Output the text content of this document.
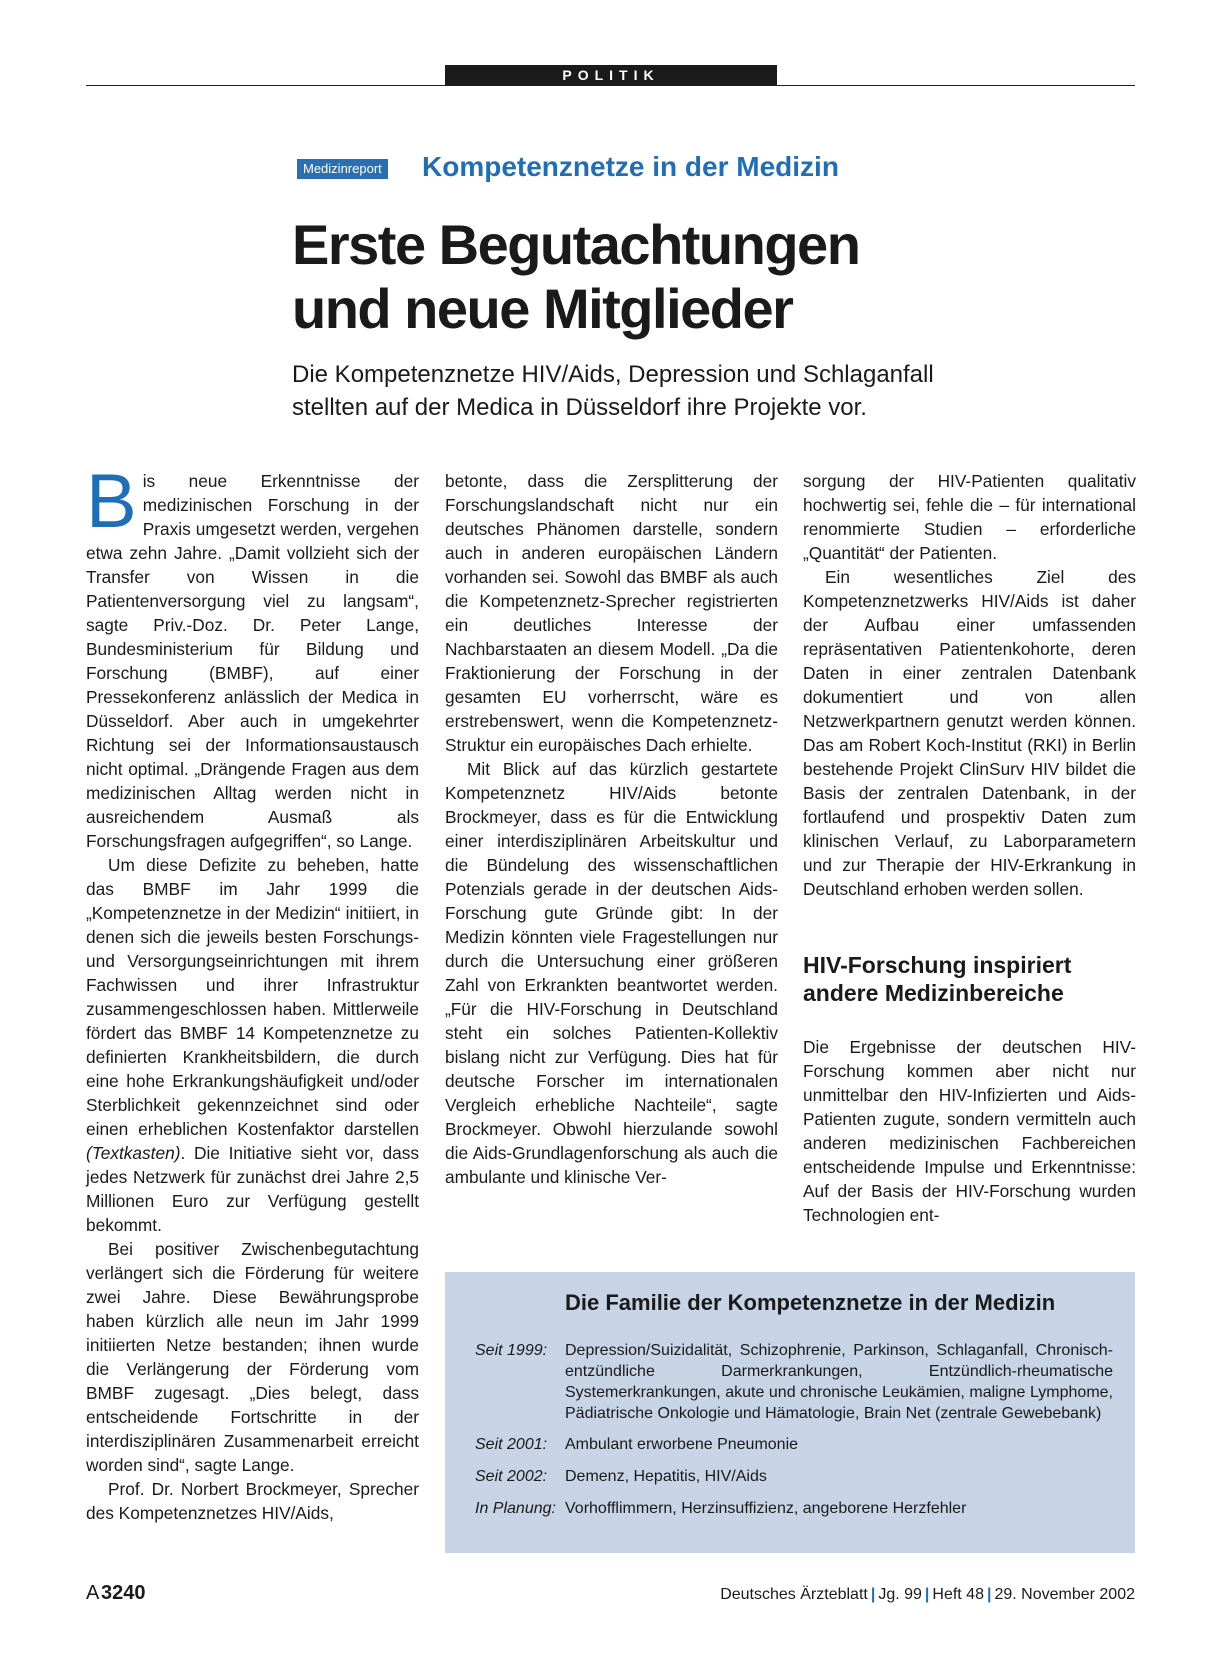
POLITIK
Medizinreport Kompetenznetze in der Medizin
Erste Begutachtungen
und neue Mitglieder
Die Kompetenznetze HIV/Aids, Depression und Schlaganfall
stellten auf der Medica in Düsseldorf ihre Projekte vor.

Bis neue Erkenntnisse der medizinischen Forschung in der Praxis umgesetzt werden, vergehen etwa zehn Jahre. „Damit vollzieht sich der Transfer von Wissen in die Patientenversorgung viel zu langsam“, sagte Priv.-Doz. Dr. Peter Lange, Bundesministerium für Bildung und Forschung (BMBF), auf einer Pressekonferenz anlässlich der Medica in Düsseldorf. Aber auch in umgekehrter Richtung sei der Informationsaustausch nicht optimal. „Drängende Fragen aus dem medizinischen Alltag werden nicht in ausreichendem Ausmaß als Forschungsfragen aufgegriffen“, so Lange.

Um diese Defizite zu beheben, hatte das BMBF im Jahr 1999 die „Kompetenznetze in der Medizin“ initiiert, in denen sich die jeweils besten Forschungs- und Versorgungseinrichtungen mit ihrem Fachwissen und ihrer Infrastruktur zusammengeschlossen haben. Mittlerweile fördert das BMBF 14 Kompetenznetze zu definierten Krankheitsbildern, die durch eine hohe Erkrankungshäufigkeit und/oder Sterblichkeit gekennzeichnet sind oder einen erheblichen Kostenfaktor darstellen (Textkasten). Die Initiative sieht vor, dass jedes Netzwerk für zunächst drei Jahre 2,5 Millionen Euro zur Verfügung gestellt bekommt.

Bei positiver Zwischenbegutachtung verlängert sich die Förderung für weitere zwei Jahre. Diese Bewährungsprobe haben kürzlich alle neun im Jahr 1999 initiierten Netze bestanden; ihnen wurde die Verlängerung der Förderung vom BMBF zugesagt. „Dies belegt, dass entscheidende Fortschritte in der interdisziplinären Zusammenarbeit erreicht worden sind“, sagte Lange.

Prof. Dr. Norbert Brockmeyer, Sprecher des Kompetenznetzes HIV/Aids,

betonte, dass die Zersplitterung der Forschungslandschaft nicht nur ein deutsches Phänomen darstelle, sondern auch in anderen europäischen Ländern vorhanden sei. Sowohl das BMBF als auch die Kompetenznetz-Sprecher registrierten ein deutliches Interesse der Nachbarstaaten an diesem Modell. „Da die Fraktionierung der Forschung in der gesamten EU vorherrscht, wäre es erstrebenswert, wenn die Kompetenznetz-Struktur ein europäisches Dach erhielte.

Mit Blick auf das kürzlich gestartete Kompetenznetz HIV/Aids betonte Brockmeyer, dass es für die Entwicklung einer interdisziplinären Arbeitskultur und die Bündelung des wissenschaftlichen Potenzials gerade in der deutschen Aids-Forschung gute Gründe gibt: In der Medizin könnten viele Fragestellungen nur durch die Untersuchung einer größeren Zahl von Erkrankten beantwortet werden. „Für die HIV-Forschung in Deutschland steht ein solches Patienten-Kollektiv bislang nicht zur Verfügung. Dies hat für deutsche Forscher im internationalen Vergleich erhebliche Nachteile“, sagte Brockmeyer. Obwohl hierzulande sowohl die Aids-Grundlagenforschung als auch die ambulante und klinische Ver-

sorgung der HIV-Patienten qualitativ hochwertig sei, fehle die – für international renommierte Studien – erforderliche „Quantität“ der Patienten.

Ein wesentliches Ziel des Kompetenznetzwerks HIV/Aids ist daher der Aufbau einer umfassenden repräsentativen Patientenkohorte, deren Daten in einer zentralen Datenbank dokumentiert und von allen Netzwerkpartnern genutzt werden können. Das am Robert Koch-Institut (RKI) in Berlin bestehende Projekt ClinSurv HIV bildet die Basis der zentralen Datenbank, in der fortlaufend und prospektiv Daten zum klinischen Verlauf, zu Laborparametern und zur Therapie der HIV-Erkrankung in Deutschland erhoben werden sollen.

HIV-Forschung inspiriert
andere Medizinbereiche

Die Ergebnisse der deutschen HIV-Forschung kommen aber nicht nur unmittelbar den HIV-Infizierten und Aids-Patienten zugute, sondern vermitteln auch anderen medizinischen Fachbereichen entscheidende Impulse und Erkenntnisse: Auf der Basis der HIV-Forschung wurden Technologien ent-

Die Familie der Kompetenznetze in der Medizin
Seit 1999:	Depression/Suizidalität, Schizophrenie, Parkinson, Schlaganfall, Chronisch-entzündliche Darmerkrankungen, Entzündlich-rheumatische Systemerkrankungen, akute und chronische Leukämien, maligne Lymphome, Pädiatrische Onkologie und Hämatologie, Brain Net (zentrale Gewebebank)
Seit 2001:	Ambulant erworbene Pneumonie
Seit 2002:	Demenz, Hepatitis, HIV/Aids
In Planung: Vorhofflimmern, Herzinsuffizienz, angeborene Herzfehler
A 3240	Deutsches Ärzteblatt | Jg. 99 | Heft 48 | 29. November 2002
